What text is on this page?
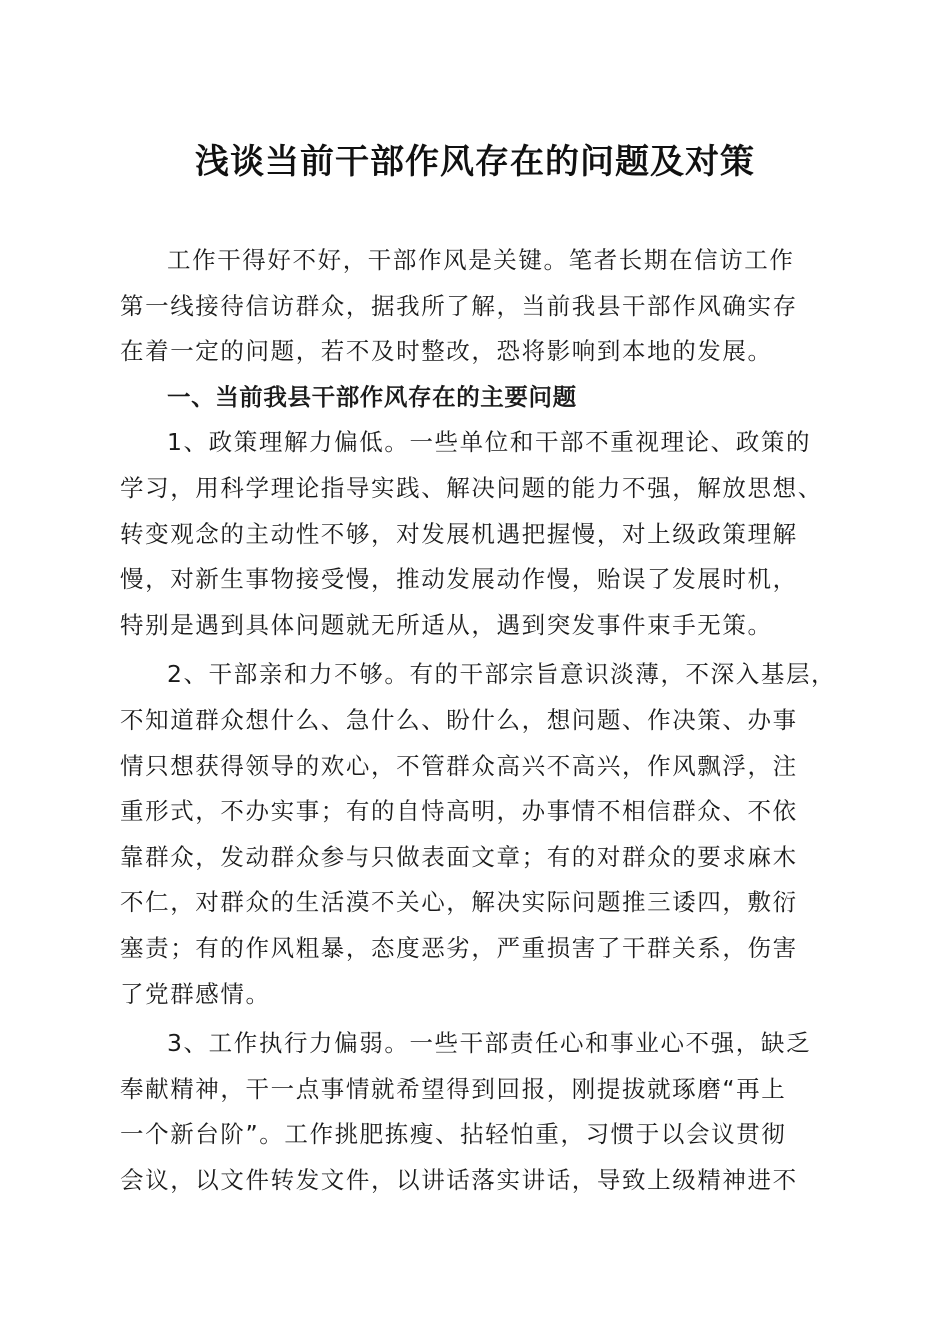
浅谈当前干部作风存在的问题及对策

工作干得好不好，干部作风是关键。笔者长期在信访工作
第一线接待信访群众，据我所了解，当前我县干部作风确实存
在着一定的问题，若不及时整改，恐将影响到本地的发展。

一、当前我县干部作风存在的主要问题

1、政策理解力偏低。一些单位和干部不重视理论、政策的
学习，用科学理论指导实践、解决问题的能力不强，解放思想、
转变观念的主动性不够，对发展机遇把握慢，对上级政策理解
慢，对新生事物接受慢，推动发展动作慢，贻误了发展时机，
特别是遇到具体问题就无所适从，遇到突发事件束手无策。

2、干部亲和力不够。有的干部宗旨意识淡薄，不深入基层，
不知道群众想什么、急什么、盼什么，想问题、作决策、办事
情只想获得领导的欢心，不管群众高兴不高兴，作风飘浮，注
重形式，不办实事；有的自恃高明，办事情不相信群众、不依
靠群众，发动群众参与只做表面文章；有的对群众的要求麻木
不仁，对群众的生活漠不关心，解决实际问题推三诿四，敷衍
塞责；有的作风粗暴，态度恶劣，严重损害了干群关系，伤害
了党群感情。

3、工作执行力偏弱。一些干部责任心和事业心不强，缺乏
奉献精神，干一点事情就希望得到回报，刚提拔就琢磨“再上
一个新台阶”。工作挑肥拣瘦、拈轻怕重，习惯于以会议贯彻
会议，以文件转发文件，以讲话落实讲话，导致上级精神进不
